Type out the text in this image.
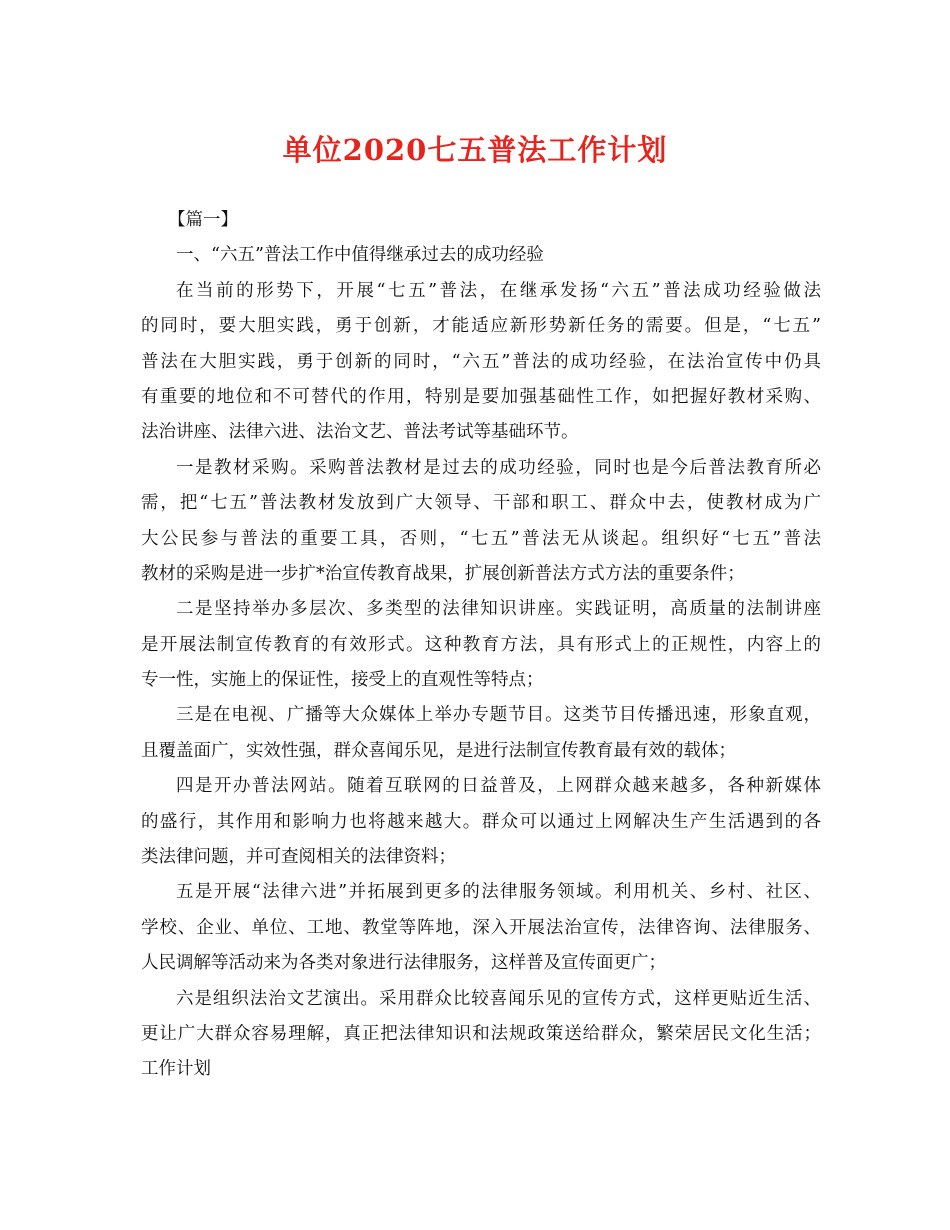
单位2020七五普法工作计划
【篇一】
一、“六五”普法工作中值得继承过去的成功经验
在当前的形势下，开展“七五”普法，在继承发扬“六五”普法成功经验做法
的同时，要大胆实践，勇于创新，才能适应新形势新任务的需要。但是，“七五”
普法在大胆实践，勇于创新的同时，“六五”普法的成功经验，在法治宣传中仍具
有重要的地位和不可替代的作用，特别是要加强基础性工作，如把握好教材采购、
法治讲座、法律六进、法治文艺、普法考试等基础环节。
一是教材采购。采购普法教材是过去的成功经验，同时也是今后普法教育所必
需，把“七五”普法教材发放到广大领导、干部和职工、群众中去，使教材成为广
大公民参与普法的重要工具，否则，“七五”普法无从谈起。组织好“七五”普法
教材的采购是进一步扩*治宣传教育战果，扩展创新普法方式方法的重要条件；
二是坚持举办多层次、多类型的法律知识讲座。实践证明，高质量的法制讲座
是开展法制宣传教育的有效形式。这种教育方法，具有形式上的正规性，内容上的
专一性，实施上的保证性，接受上的直观性等特点；
三是在电视、广播等大众媒体上举办专题节目。这类节目传播迅速，形象直观，
且覆盖面广，实效性强，群众喜闻乐见，是进行法制宣传教育最有效的载体；
四是开办普法网站。随着互联网的日益普及，上网群众越来越多，各种新媒体
的盛行，其作用和影响力也将越来越大。群众可以通过上网解决生产生活遇到的各
类法律问题，并可查阅相关的法律资料；
五是开展“法律六进”并拓展到更多的法律服务领域。利用机关、乡村、社区、
学校、企业、单位、工地、教堂等阵地，深入开展法治宣传，法律咨询、法律服务、
人民调解等活动来为各类对象进行法律服务，这样普及宣传面更广；
六是组织法治文艺演出。采用群众比较喜闻乐见的宣传方式，这样更贴近生活、
更让广大群众容易理解，真正把法律知识和法规政策送给群众，繁荣居民文化生活；
工作计划
